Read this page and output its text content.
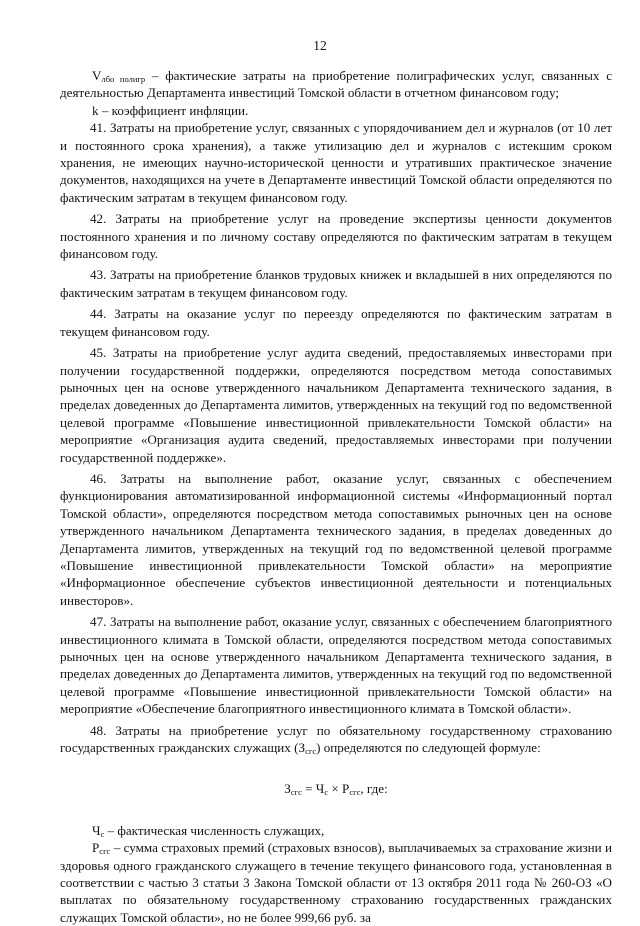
12

$V_{лбо полигр}$ – фактические затраты на приобретение полиграфических услуг, связанных с деятельностью Департамента инвестиций Томской области в отчетном финансовом году;

k – коэффициент инфляции.

41. Затраты на приобретение услуг, связанных с упорядочиванием дел и журналов (от 10 лет и постоянного срока хранения), а также утилизацию дел и журналов с истекшим сроком хранения, не имеющих научно-исторической ценности и утративших практическое значение документов, находящихся на учете в Департаменте инвестиций Томской области определяются по фактическим затратам в текущем финансовом году.

42. Затраты на приобретение услуг на проведение экспертизы ценности документов постоянного хранения и по личному составу определяются по фактическим затратам в текущем финансовом году.

43. Затраты на приобретение бланков трудовых книжек и вкладышей в них определяются по фактическим затратам в текущем финансовом году.

44. Затраты на оказание услуг по переезду определяются по фактическим затратам в текущем финансовом году.

45. Затраты на приобретение услуг аудита сведений, предоставляемых инвесторами при получении государственной поддержки, определяются посредством метода сопоставимых рыночных цен на основе утвержденного начальником Департамента технического задания, в пределах доведенных до Департамента лимитов, утвержденных на текущий год по ведомственной целевой программе «Повышение инвестиционной привлекательности Томской области» на мероприятие «Организация аудита сведений, предоставляемых инвесторами при получении государственной поддержке».

46. Затраты на выполнение работ, оказание услуг, связанных с обеспечением функционирования автоматизированной информационной системы «Информационный портал Томской области», определяются посредством метода сопоставимых рыночных цен на основе утвержденного начальником Департамента технического задания, в пределах доведенных до Департамента лимитов, утвержденных на текущий год по ведомственной целевой программе «Повышение инвестиционной привлекательности Томской области» на мероприятие «Информационное обеспечение субъектов инвестиционной деятельности и потенциальных инвесторов».

47. Затраты на выполнение работ, оказание услуг, связанных с обеспечением благоприятного инвестиционного климата в Томской области, определяются посредством метода сопоставимых рыночных цен на основе утвержденного начальником Департамента технического задания, в пределах доведенных до Департамента лимитов, утвержденных на текущий год по ведомственной целевой программе «Повышение инвестиционной привлекательности Томской области» на мероприятие «Обеспечение благоприятного инвестиционного климата в Томской области».

48. Затраты на приобретение услуг по обязательному государственному страхованию государственных гражданских служащих $(З_{сгс})$ определяются по следующей формуле:

$З_{сгс} = Ч_с \times Р_{сгс}$, где:

$Ч_с$ – фактическая численность служащих,

$Р_{сгс}$ – сумма страховых премий (страховых взносов), выплачиваемых за страхование жизни и здоровья одного гражданского служащего в течение текущего финансового года, установленная в соответствии с частью 3 статьи 3 Закона Томской области от 13 октября 2011 года № 260-ОЗ «О выплатах по обязательному государственному страхованию государственных гражданских служащих Томской области», но не более 999,66 руб. за
